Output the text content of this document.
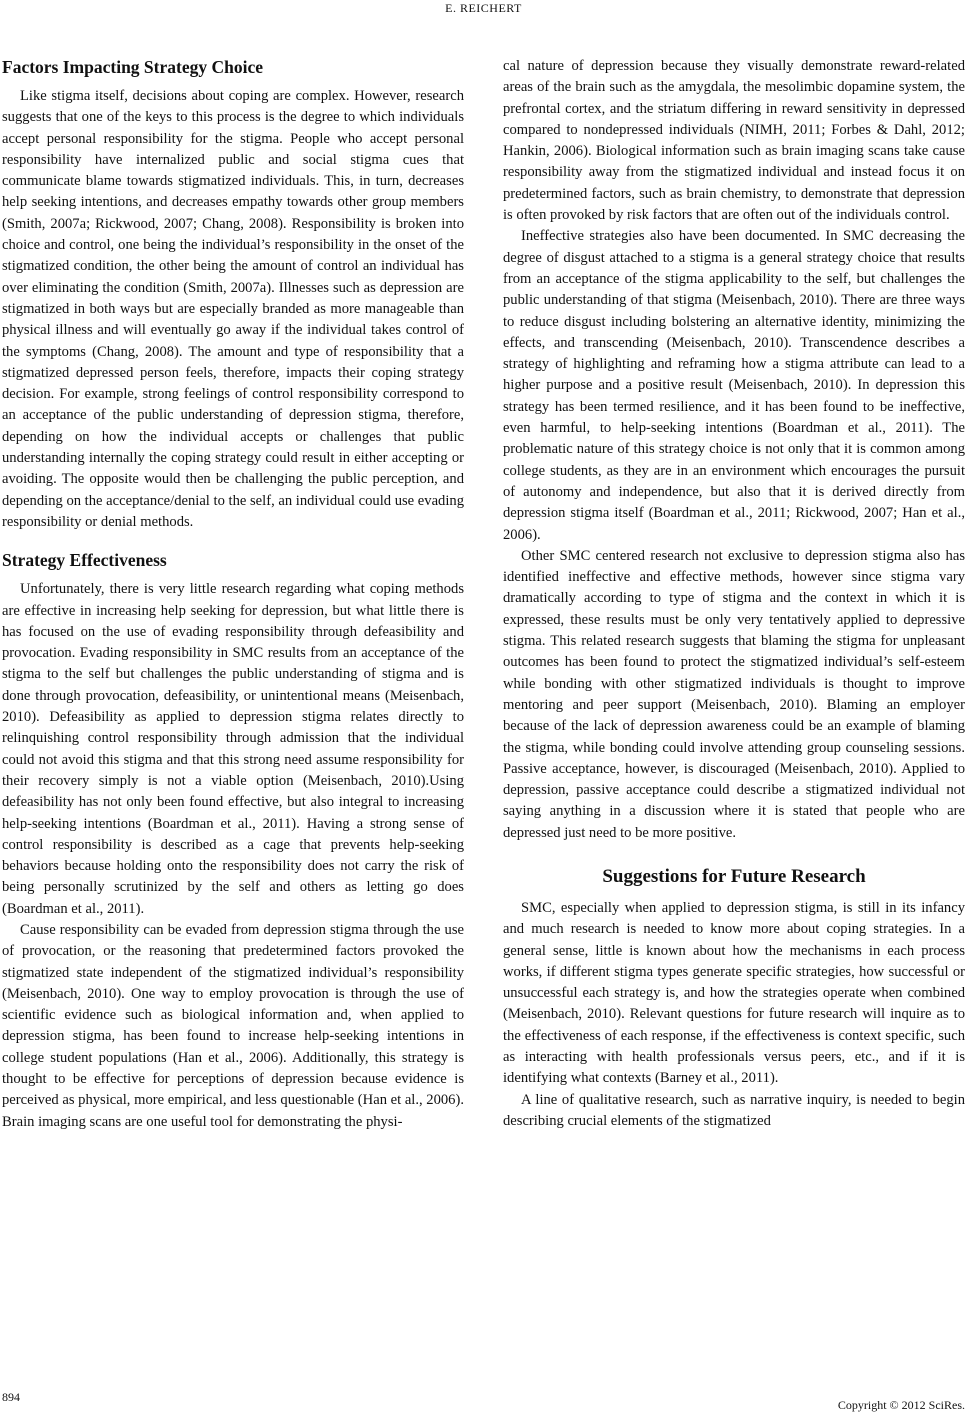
E. REICHERT
Factors Impacting Strategy Choice

Like stigma itself, decisions about coping are complex. However, research suggests that one of the keys to this process is the degree to which individuals accept personal responsibility for the stigma. People who accept personal responsibility have internalized public and social stigma cues that communicate blame towards stigmatized individuals. This, in turn, decreases help seeking intentions, and decreases empathy towards other group members (Smith, 2007a; Rickwood, 2007; Chang, 2008). Responsibility is broken into choice and control, one being the individual’s responsibility in the onset of the stigmatized condition, the other being the amount of control an individual has over eliminating the condition (Smith, 2007a). Illnesses such as depression are stigmatized in both ways but are especially branded as more manageable than physical illness and will eventually go away if the individual takes control of the symptoms (Chang, 2008). The amount and type of responsibility that a stigmatized depressed person feels, therefore, impacts their coping strategy decision. For example, strong feelings of control responsibility correspond to an acceptance of the public understanding of depression stigma, therefore, depending on how the individual accepts or challenges that public understanding internally the coping strategy could result in either accepting or avoiding. The opposite would then be challenging the public perception, and depending on the acceptance/denial to the self, an individual could use evading responsibility or denial methods.

Strategy Effectiveness

Unfortunately, there is very little research regarding what coping methods are effective in increasing help seeking for depression, but what little there is has focused on the use of evading responsibility through defeasibility and provocation. Evading responsibility in SMC results from an acceptance of the stigma to the self but challenges the public understanding of stigma and is done through provocation, defeasibility, or unintentional means (Meisenbach, 2010). Defeasibility as applied to depression stigma relates directly to relinquishing control responsibility through admission that the individual could not avoid this stigma and that this strong need assume responsibility for their recovery simply is not a viable option (Meisenbach, 2010).Using defeasibility has not only been found effective, but also integral to increasing help-seeking intentions (Boardman et al., 2011). Having a strong sense of control responsibility is described as a cage that prevents help-seeking behaviors because holding onto the responsibility does not carry the risk of being personally scrutinized by the self and others as letting go does (Boardman et al., 2011).

Cause responsibility can be evaded from depression stigma through the use of provocation, or the reasoning that predetermined factors provoked the stigmatized state independent of the stigmatized individual’s responsibility (Meisenbach, 2010). One way to employ provocation is through the use of scientific evidence such as biological information and, when applied to depression stigma, has been found to increase help-seeking intentions in college student populations (Han et al., 2006). Additionally, this strategy is thought to be effective for perceptions of depression because evidence is perceived as physical, more empirical, and less questionable (Han et al., 2006). Brain imaging scans are one useful tool for demonstrating the physi-

cal nature of depression because they visually demonstrate reward-related areas of the brain such as the amygdala, the mesolimbic dopamine system, the prefrontal cortex, and the striatum differing in reward sensitivity in depressed compared to nondepressed individuals (NIMH, 2011; Forbes & Dahl, 2012; Hankin, 2006). Biological information such as brain imaging scans take cause responsibility away from the stigmatized individual and instead focus it on predetermined factors, such as brain chemistry, to demonstrate that depression is often provoked by risk factors that are often out of the individuals control.

Ineffective strategies also have been documented. In SMC decreasing the degree of disgust attached to a stigma is a general strategy choice that results from an acceptance of the stigma applicability to the self, but challenges the public understanding of that stigma (Meisenbach, 2010). There are three ways to reduce disgust including bolstering an alternative identity, minimizing the effects, and transcending (Meisenbach, 2010). Transcendence describes a strategy of highlighting and reframing how a stigma attribute can lead to a higher purpose and a positive result (Meisenbach, 2010). In depression this strategy has been termed resilience, and it has been found to be ineffective, even harmful, to help-seeking intentions (Boardman et al., 2011). The problematic nature of this strategy choice is not only that it is common among college students, as they are in an environment which encourages the pursuit of autonomy and independence, but also that it is derived directly from depression stigma itself (Boardman et al., 2011; Rickwood, 2007; Han et al., 2006).

Other SMC centered research not exclusive to depression stigma also has identified ineffective and effective methods, however since stigma vary dramatically according to type of stigma and the context in which it is expressed, these results must be only very tentatively applied to depressive stigma. This related research suggests that blaming the stigma for unpleasant outcomes has been found to protect the stigmatized individual’s self-esteem while bonding with other stigmatized individuals is thought to improve mentoring and peer support (Meisenbach, 2010). Blaming an employer because of the lack of depression awareness could be an example of blaming the stigma, while bonding could involve attending group counseling sessions. Passive acceptance, however, is discouraged (Meisenbach, 2010). Applied to depression, passive acceptance could describe a stigmatized individual not saying anything in a discussion where it is stated that people who are depressed just need to be more positive.

Suggestions for Future Research

SMC, especially when applied to depression stigma, is still in its infancy and much research is needed to know more about coping strategies. In a general sense, little is known about how the mechanisms in each process works, if different stigma types generate specific strategies, how successful or unsuccessful each strategy is, and how the strategies operate when combined (Meisenbach, 2010). Relevant questions for future research will inquire as to the effectiveness of each response, if the effectiveness is context specific, such as interacting with health professionals versus peers, etc., and if it is identifying what contexts (Barney et al., 2011).

A line of qualitative research, such as narrative inquiry, is needed to begin describing crucial elements of the stigmatized

894
Copyright © 2012 SciRes.
